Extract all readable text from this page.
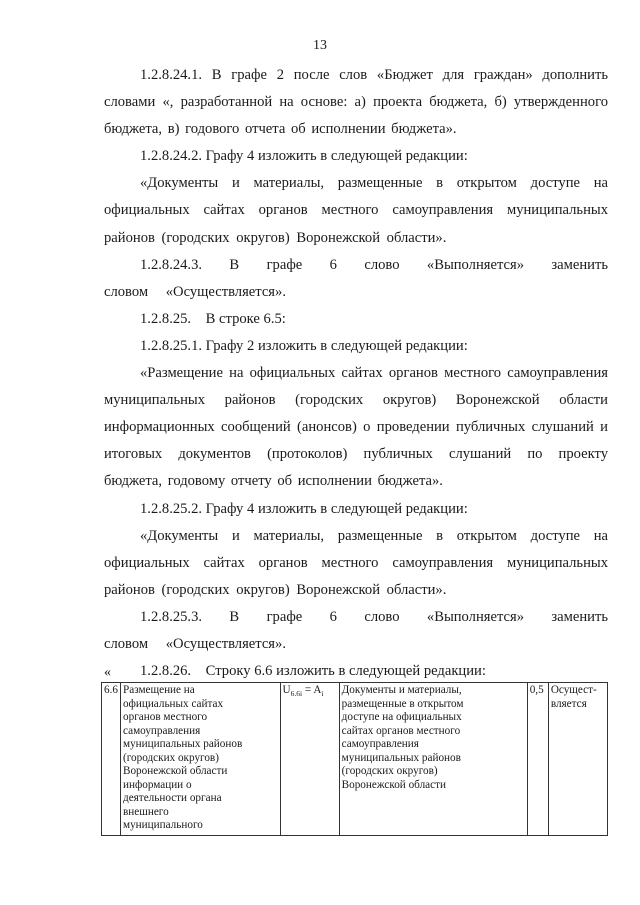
13

1.2.8.24.1. В графе 2 после слов «Бюджет для граждан» дополнить словами «, разработанной на основе: а) проекта бюджета, б) утвержденного бюджета, в) годового отчета об исполнении бюджета».

1.2.8.24.2. Графу 4 изложить в следующей редакции:

«Документы и материалы, размещенные в открытом доступе на официальных сайтах органов местного самоуправления муниципальных районов (городских округов) Воронежской области».

1.2.8.24.3. В графе 6 слово «Выполняется» заменить словом «Осуществляется».

1.2.8.25. В строке 6.5:

1.2.8.25.1. Графу 2 изложить в следующей редакции:

«Размещение на официальных сайтах органов местного самоуправления муниципальных районов (городских округов) Воронежской области информационных сообщений (анонсов) о проведении публичных слушаний и итоговых документов (протоколов) публичных слушаний по проекту бюджета, годовому отчету об исполнении бюджета».

1.2.8.25.2. Графу 4 изложить в следующей редакции:

«Документы и материалы, размещенные в открытом доступе на официальных сайтах органов местного самоуправления муниципальных районов (городских округов) Воронежской области».

1.2.8.25.3. В графе 6 слово «Выполняется» заменить словом «Осуществляется».

1.2.8.26. Строку 6.6 изложить в следующей редакции:

«
6.6	Размещение на
официальных сайтах
органов местного
самоуправления
муниципальных районов
(городских округов)
Воронежской области
информации о
деятельности органа
внешнего
муниципального
	$U_{6.6i} = A_i$	Документы и материалы,
размещенные в открытом
доступе на официальных
сайтах органов местного
самоуправления
муниципальных районов
(городских округов)
Воронежской области
	0,5	Осущест-
вляется
